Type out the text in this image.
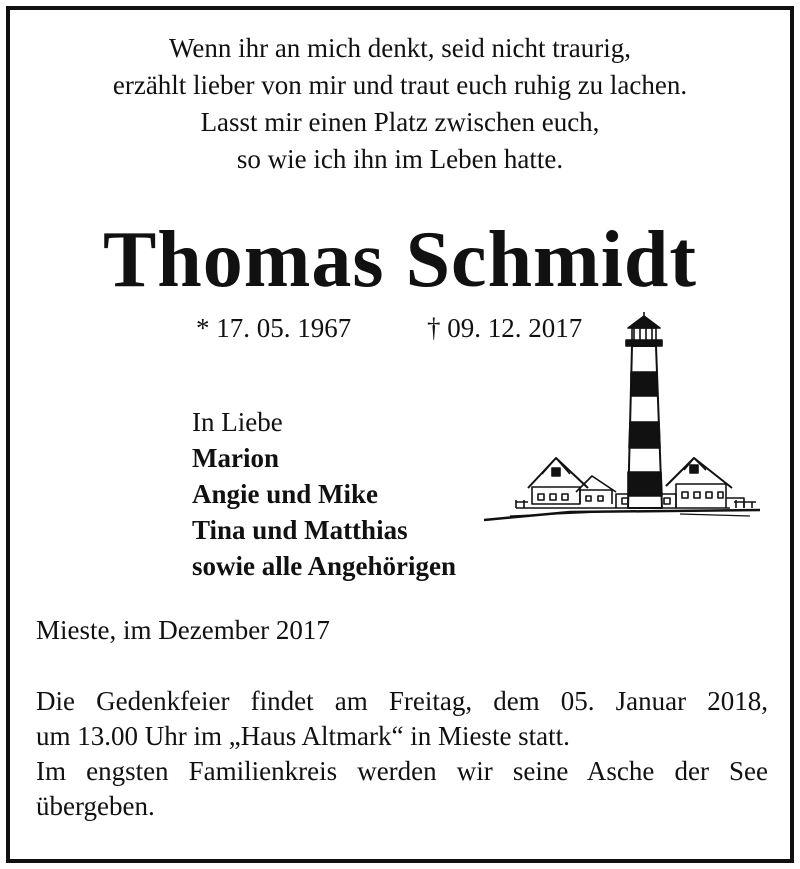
Wenn ihr an mich denkt, seid nicht traurig,
erzählt lieber von mir und traut euch ruhig zu lachen.
Lasst mir einen Platz zwischen euch,
so wie ich ihn im Leben hatte.
Thomas Schmidt
* 17. 05. 1967	† 09. 12. 2017
In Liebe
Marion
Angie und Mike
Tina und Matthias
sowie alle Angehörigen
Mieste, im Dezember 2017
Die Gedenkfeier findet am Freitag, dem 05. Januar 2018,
um 13.00 Uhr im „Haus Altmark“ in Mieste statt.
Im engsten Familienkreis werden wir seine Asche der See
übergeben.
